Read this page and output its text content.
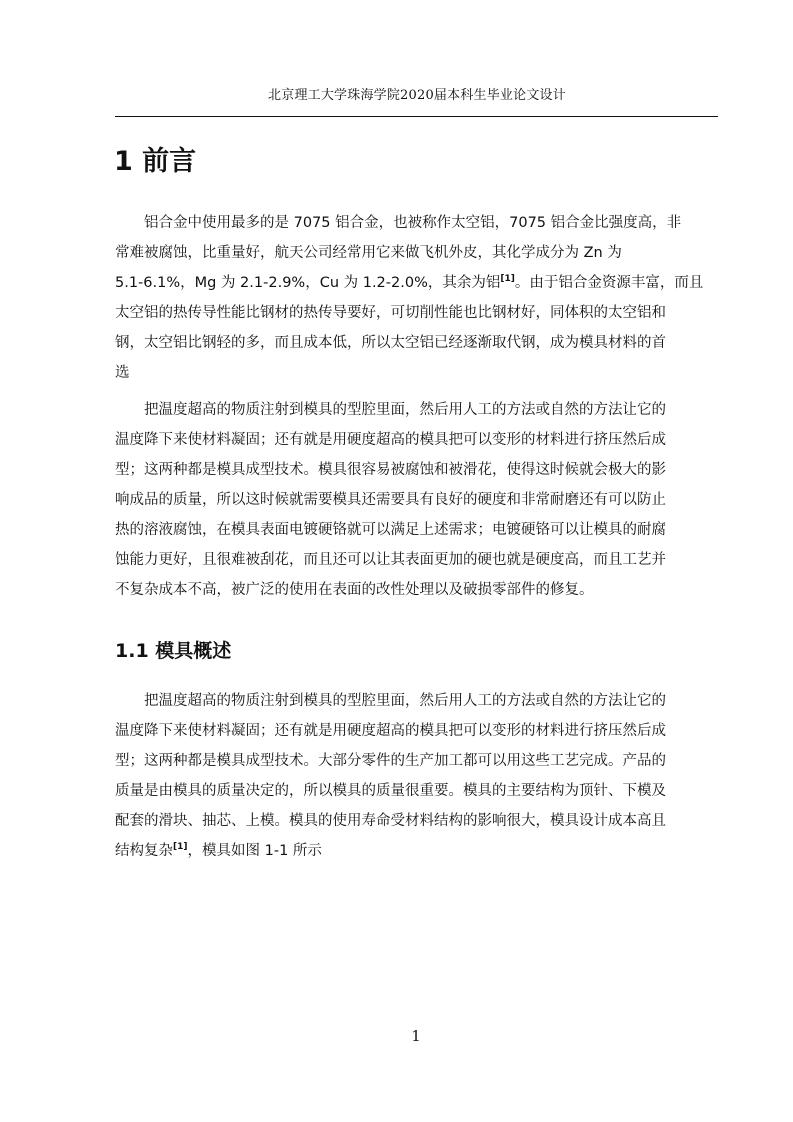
北京理工大学珠海学院2020届本科生毕业论文设计
1 前言

  铝合金中使用最多的是 7075 铝合金，也被称作太空铝，7075 铝合金比强度高，非
常难被腐蚀，比重量好，航天公司经常用它来做飞机外皮，其化学成分为 Zn 为
5.1-6.1%，Mg 为 2.1-2.9%，Cu 为 1.2-2.0%，其余为铝[1]。由于铝合金资源丰富，而且
太空铝的热传导性能比钢材的热传导要好，可切削性能也比钢材好，同体积的太空铝和
钢，太空铝比钢轻的多，而且成本低，所以太空铝已经逐渐取代钢，成为模具材料的首
选

  把温度超高的物质注射到模具的型腔里面，然后用人工的方法或自然的方法让它的
温度降下来使材料凝固；还有就是用硬度超高的模具把可以变形的材料进行挤压然后成
型；这两种都是模具成型技术。模具很容易被腐蚀和被滑花，使得这时候就会极大的影
响成品的质量，所以这时候就需要模具还需要具有良好的硬度和非常耐磨还有可以防止
热的溶液腐蚀，在模具表面电镀硬铬就可以满足上述需求；电镀硬铬可以让模具的耐腐
蚀能力更好，且很难被刮花，而且还可以让其表面更加的硬也就是硬度高，而且工艺并
不复杂成本不高，被广泛的使用在表面的改性处理以及破损零部件的修复。

1.1 模具概述

  把温度超高的物质注射到模具的型腔里面，然后用人工的方法或自然的方法让它的
温度降下来使材料凝固；还有就是用硬度超高的模具把可以变形的材料进行挤压然后成
型；这两种都是模具成型技术。大部分零件的生产加工都可以用这些工艺完成。产品的
质量是由模具的质量决定的，所以模具的质量很重要。模具的主要结构为顶针、下模及
配套的滑块、抽芯、上模。模具的使用寿命受材料结构的影响很大，模具设计成本高且
结构复杂[1]，模具如图 1-1 所示

1
